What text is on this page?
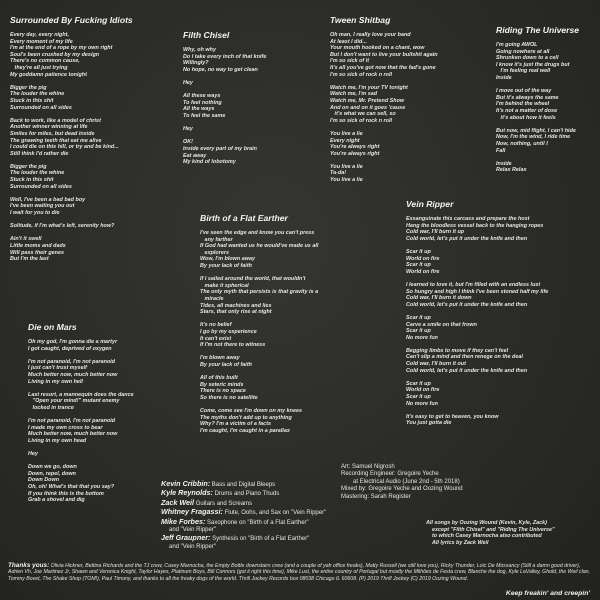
Surrounded By Fucking Idiots
Every day, every night,
Every moment of my life
I'm at the end of a rope by my own right
Soul's been crushed by my design
There's no common cause,
they're all just trying
My goddamn patience tonight
Bigger the pig
The louder the whine
Stuck in this shit
Surrounded on all sides
Back to work, like a model of christ
Another winner winning at life
Smiles for miles, but dead inside
The gnawing teeth that eat me alive
I could die on this hill, or try and be kind...
Still think I'd rather die
Bigger the pig
The louder the whine
Stuck in this shit
Surrounded on all sides
Well, I've been a bad bad boy
I've been waiting you out
I wait for you to die
Solitude, if I'm what's left, serenity how?
Ain't it swell
Little moms and dads
Will pass their genes
But I'm the last
Filth Chisel
Why, oh why
Do I take every inch of that knife
Willingly?
No hope, no way to get clean
Hey
All these ways
To feel nothing
All the ways
To feel the same
Hey
OK!
Inside every part of my brain
Eat away
My kind of lobotomy
Tween Shitbag
Oh man, I really love your band
At least I did...
Your mouth hooked on a chant, wow
But I don't want to live your bullshit again
I'm so sick of it
It's all you've got now that the fad's gone
I'm so sick of rock n roll
Watch me, I'm your TV tonight
Watch me, I'm sad
Watch me, Mr. Pretend Show
And on and on it goes 'cause
it's what we can sell, so
I'm so sick of rock n roll
You live a lie
Every night
You're always right
You're always right
You live a lie
Ta-da!
You live a lie
Riding The Universe
I'm going AWOL
Going nowhere at all
Shrunken down to a cell
I know it's just the drugs but
I'm feeling real well
Inside
I move out of the way
But it's always the same
I'm behind the wheel
It's not a matter of dose
it's about how it feels
But now, mid flight, I can't hide
Now, I'm the wind, I ride time
Now, nothing, until I
Fall
Inside
Relax Relax
Birth of a Flat Earther
I've seen the edge and know you can't press
any farther
If God had wanted us he would've made us all
explorers
Wow, I'm blown away
By your lack of faith
If I sailed around the world, that wouldn't
make it spherical
The only myth that persists is that gravity is a
miracle
Tides, all machines and lies
Stars, that only rise at night
It's no belief
I go by my experience
It can't exist
If I'm not there to witness
I'm blown away
By your lack of faith
All of this built
By seteric minds
There is no space
So there is no satellite
Come, come see I'm down on my knees
The myths don't add up to anything
Why? I'm a victim of a facts
I'm caught, I'm caught in a parallax
Vein Ripper
Exsanguinate this carcass and prepare the host
Hang the bloodless vessel back to the hanging ropes
Cold war, I'll burn it up
Cold world, let's put it under the knife and then
Scar it up
World on fire
Scar it up
World on fire
I learned to love it, but I'm filled with an endless lust
So hungry and high I think I've been stoned half my life
Cold war, I'll burn it down
Cold world, let's put it under the knife and then
Scar it up
Carve a smile on that frown
Scar it up
No more fun
Begging limbs to move if they can't feel
Can't slip a mind and then renege on the deal
Cold war, I'll burn it out
Cold world, let's put it under the knife and then
Scar it up
World on fire
Scar it up
No more fun
It's easy to get to heaven, you know
You just gotta die
Die on Mars
Oh my god, I'm gonna die a martyr
I got caught, deprived of oxygen
I'm not paranoid, I'm not paranoid
I just can't trust myself
Much better now, much better now
Living in my own hell
Last resort, a mannequin does the dance
"Open your mind!" mutant enemy
locked in trance
I'm not paranoid, I'm not paranoid
I made my own cross to bear
Much better now, much better now
Living in my own head
Hey
Down we go, down
Down, repel, down
Down Down
Oh, oh! What's that that you say?
If you think this is the bottom
Grab a shovel and dig
Kevin Cribbin: Bass and Digital Bleeps
Kyle Reynolds: Drums and Piano Thuds
Zack Weil Guitars and Screams
Whitney Fragassi: Flute, Oohs, and Sax on "Vein Ripper"
Mike Forbes: Saxophone on "Birth of a Flat Earther"
and "Vein Ripper"
Jeff Graupner: Synthesis on "Birth of a Flat Earther"
and "Vein Ripper"
Art: Samuel Nigrosh
Recording Engineer: Gregoire Yeche
at Electrical Audio (June 2nd - 5th 2018)
Mixed by: Gregoire Yeche and Oozing Wound
Mastering: Sarah Register
All songs by Oozing Wound (Kevin, Kyle, Zack)
except "Filth Chisel" and "Riding The Universe"
to which Casey Marnocha also contributed
All lyrics by Zack Weil
Thanks yous: Olivia Hickner, Bettina Richards and the TJ crew, Casey Marnocha, the Empty Bottle downstairs crew (and a couple of yah office freaks), Matty Russell (we still love you), Ricky Thunder, Loïc De Mossancy (Still a damn good driver), Adrien Vh, Joe Martinez Jr, Shawn and Veronica Knight, Taylor Hayes, Platinum Boys, Bill Connors (got it right this time), Mike Lust, the entire country of Portugal but mostly the Milhões de Festa crew, Blanche the dog, Kyle LaValley, Ghold, the Weil clan, Tommy Bovet, The Shake Shop (TOM!), Paul Timony, and thanks to all the freaky dogs of the world. Thrill Jockey Records box 08038 Chicago IL 60608. (P) 2019 Thrill Jockey (C) 2019 Oozing Wound.
Keep freakin' and creepin'
